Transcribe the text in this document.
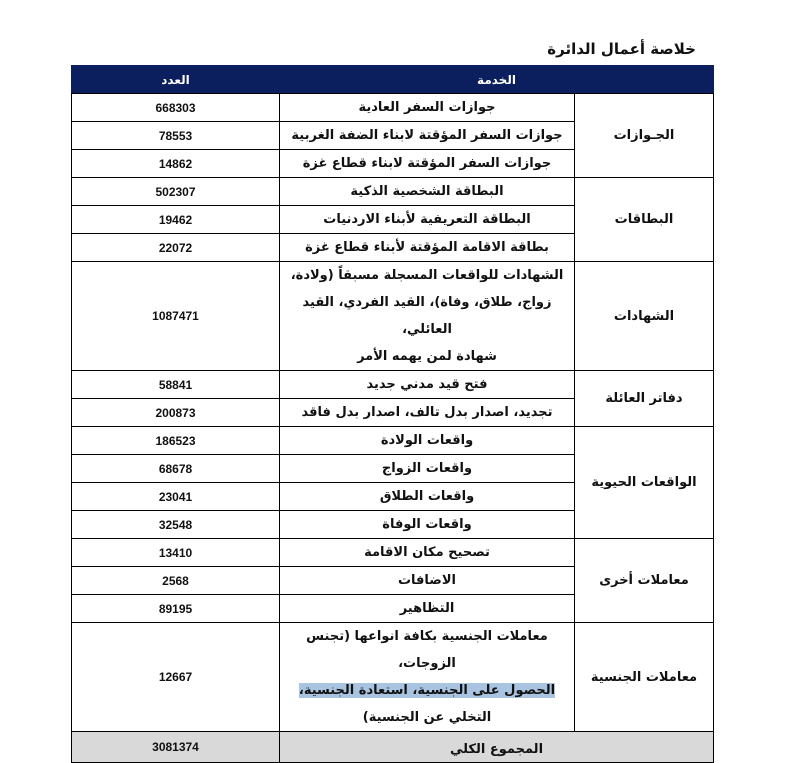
خلاصة أعمال الدائرة
الخدمة		العدد
الجـوازات	جوازات السفر العادية	668303
	جوازات السفر المؤقتة لابناء الضفة الغربية	78553
	جوازات السفر المؤقتة لابناء قطاع غزة	14862
البطاقات	البطاقة الشخصية الذكية	502307
	البطاقة التعريفية لأبناء الاردنيات	19462
	بطاقة الاقامة المؤقتة لأبناء قطاع غزة	22072
الشهادات	الشهادات للواقعات المسجلة مسبقاً (ولادة،
زواج، طلاق، وفاة)، القيد الفردي، القيد العائلي،
شهادة لمن يهمه الأمر	1087471
دفاتر العائلة	فتح قيد مدني جديد	58841
	تجديد، اصدار بدل تالف، اصدار بدل فاقد	200873
الواقعات الحيوية	واقعات الولادة	186523
	واقعات الزواج	68678
	واقعات الطلاق	23041
	واقعات الوفاة	32548
معاملات أخرى	تصحيح مكان الاقامة	13410
	الاضافات	2568
	التظاهير	89195
معاملات الجنسية	معاملات الجنسية بكافة انواعها (تجنس الزوجات،
الحصول على الجنسية، استعادة الجنسية،
التخلي عن الجنسية)	12667
المجموع الكلي		3081374
